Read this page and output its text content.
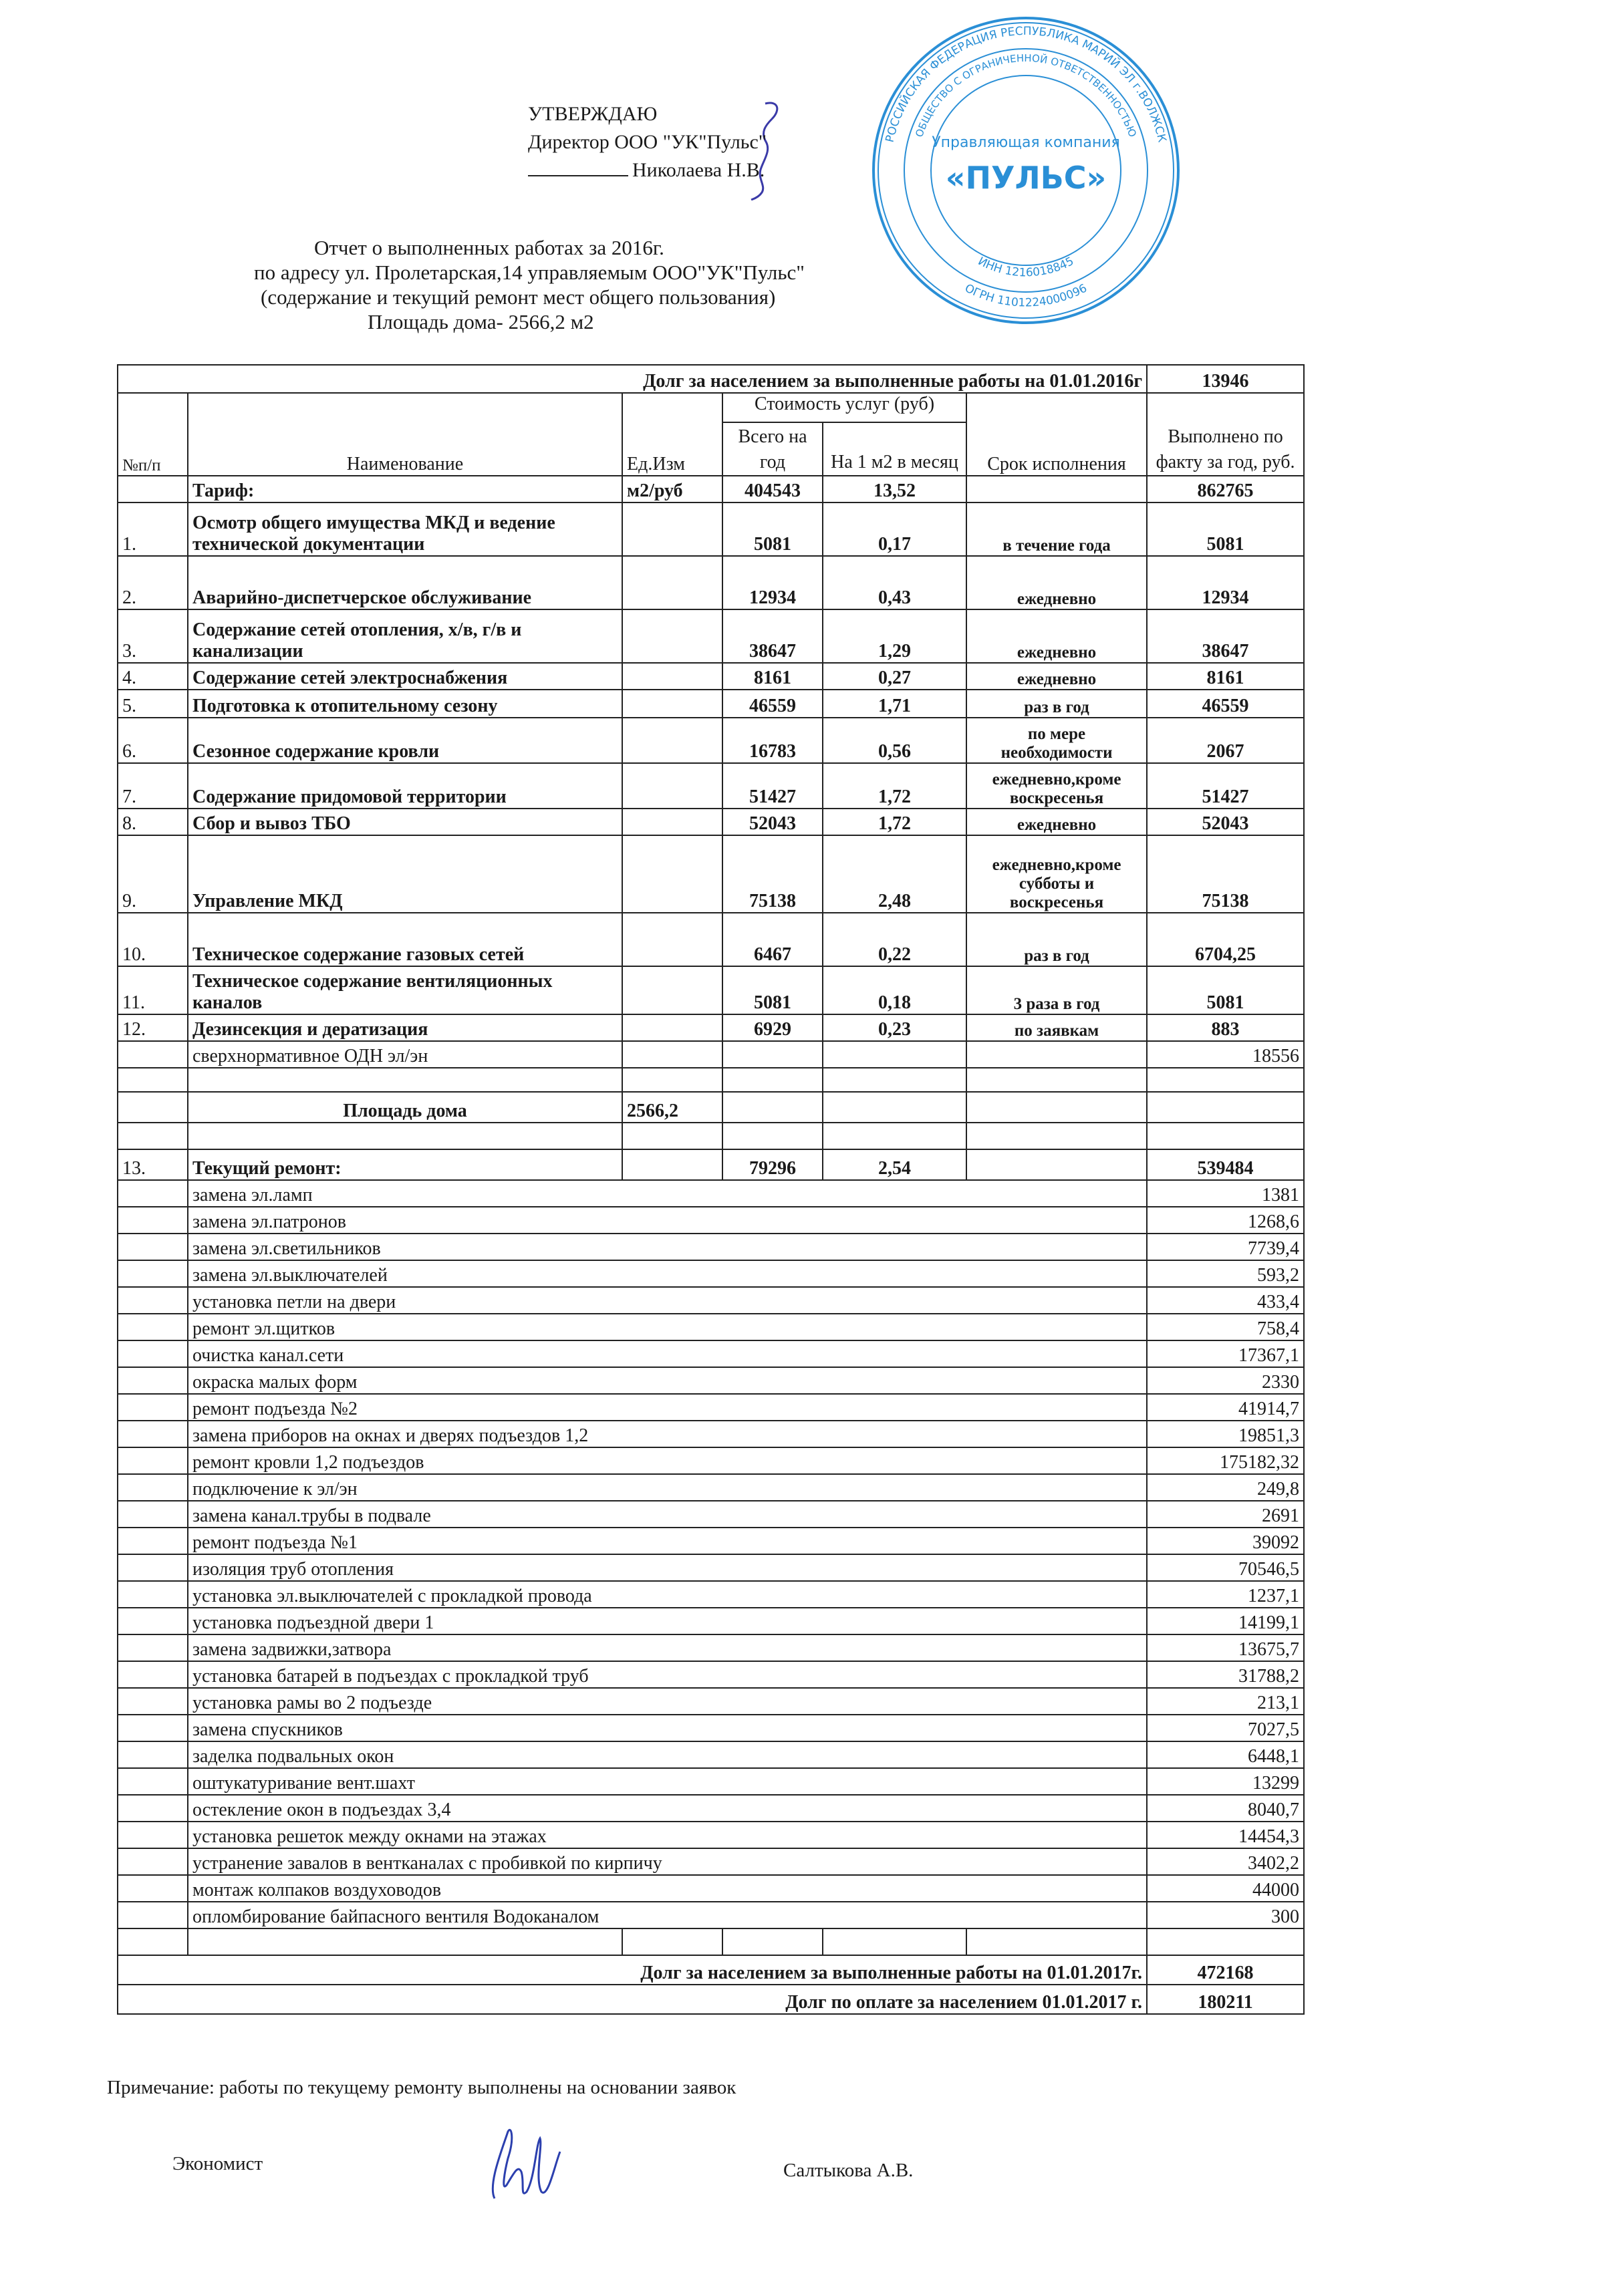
РОССИЙСКАЯ ФЕДЕРАЦИЯ РЕСПУБЛИКА МАРИЙ ЭЛ г.ВОЛЖСК
ОБЩЕСТВО С ОГРАНИЧЕННОЙ ОТВЕТСТВЕННОСТЬЮ
ИНН 1216018845
ОГРН 1101224000096
Управляющая компания
«ПУЛЬС»
УТВЕРЖДАЮ
Директор ООО "УК"Пульс"
Николаева Н.В.
Отчет о выполненных работах за 2016г.
по адресу ул. Пролетарская,14 управляемым ООО"УК"Пульс"
(содержание и текущий ремонт мест общего пользования)
Площадь дома- 2566,2 м2
Долг за населением за выполненные работы на 01.01.2016г						13946
№п/п	Наименование	Ед.Изм	Стоимость услуг (руб)		Срок исполнения	Выполнено по факту за год, руб.
			Всего на год	На 1 м2 в месяц		
	Тариф:	м2/руб	404543	13,52		862765
1.	Осмотр общего имущества МКД и ведение технической документации		5081	0,17	в течение года	5081
2.	Аварийно-диспетчерское обслуживание		12934	0,43	ежедневно	12934
3.	Содержание сетей отопления, х/в, г/в и канализации		38647	1,29	ежедневно	38647
4.	Содержание сетей электроснабжения		8161	0,27	ежедневно	8161
5.	Подготовка к отопительному сезону		46559	1,71	раз в год	46559
6.	Сезонное содержание кровли		16783	0,56	по мере необходимости	2067
7.	Содержание придомовой территории		51427	1,72	ежедневно,кроме воскресенья	51427
8.	Сбор и вывоз ТБО		52043	1,72	ежедневно	52043
9.	Управление МКД		75138	2,48	ежедневно,кроме субботы и воскресенья	75138
10.	Техническое содержание газовых сетей		6467	0,22	раз в год	6704,25
11.	Техническое содержание вентиляционных каналов		5081	0,18	3 раза в год	5081
12.	Дезинсекция и дератизация		6929	0,23	по заявкам	883
	сверхнормативное ОДН эл/эн					18556

	Площадь дома	2566,2				

13.	Текущий ремонт:		79296	2,54		539484
	замена эл.ламп					1381
	замена эл.патронов					1268,6
	замена эл.светильников					7739,4
	замена эл.выключателей					593,2
	установка петли на двери					433,4
	ремонт эл.щитков					758,4
	очистка канал.сети					17367,1
	окраска малых форм					2330
	ремонт подъезда №2					41914,7
	замена приборов на окнах и дверях подъездов 1,2					19851,3
	ремонт кровли 1,2 подъездов					175182,32
	подключение к эл/эн					249,8
	замена канал.трубы в подвале					2691
	ремонт подъезда №1					39092
	изоляция труб отопления					70546,5
	установка эл.выключателей с прокладкой провода					1237,1
	установка подъездной двери 1					14199,1
	замена задвижки,затвора					13675,7
	установка батарей в подъездах с прокладкой труб					31788,2
	установка рамы во 2 подъезде					213,1
	замена спускников					7027,5
	заделка подвальных окон					6448,1
	оштукатуривание вент.шахт					13299
	остекление окон в подъездах 3,4					8040,7
	установка решеток между окнами на этажах					14454,3
	устранение завалов в вентканалах с пробивкой по кирпичу					3402,2
	монтаж колпаков воздуховодов					44000
	опломбирование байпасного вентиля Водоканалом					300

Долг за населением за выполненные работы на 01.01.2017г.						472168
Долг по оплате за населением 01.01.2017 г.						180211
Примечание: работы по текущему ремонту выполнены на основании заявок
Экономист	Салтыкова А.В.
